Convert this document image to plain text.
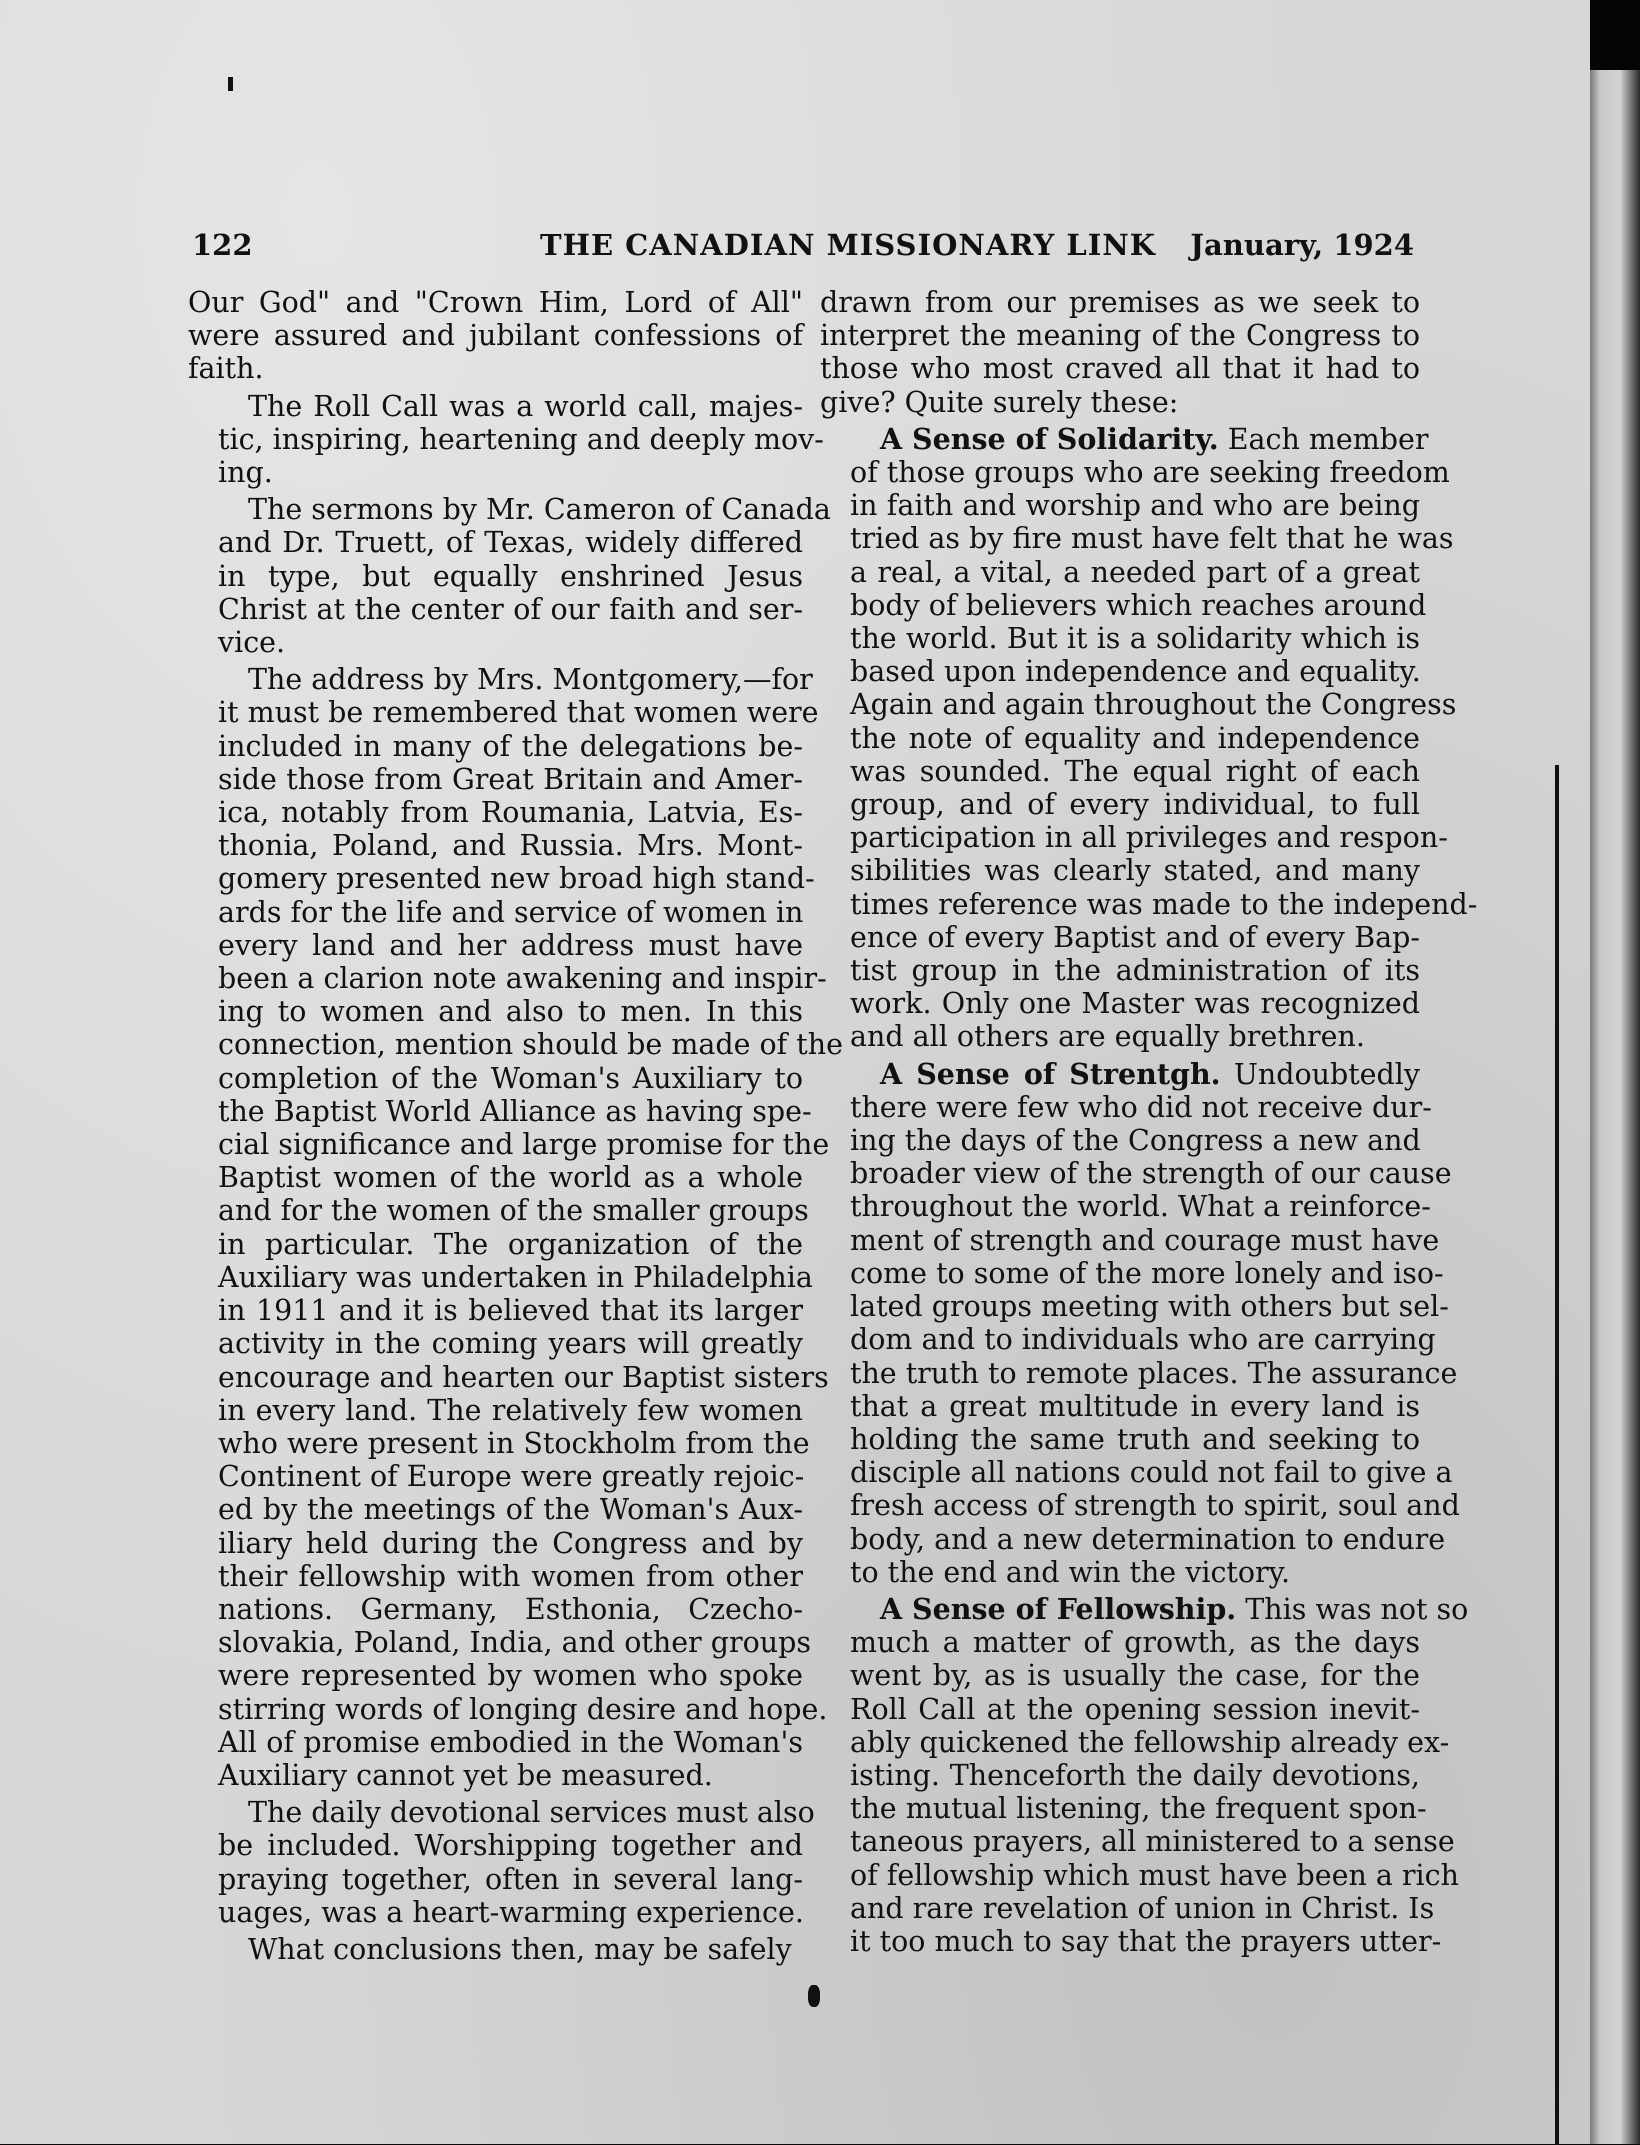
122	THE CANADIAN MISSIONARY LINK January, 1924

Our God" and "Crown Him, Lord of All"
were assured and jubilant confessions of
faith.

The Roll Call was a world call, majes-
tic, inspiring, heartening and deeply mov-
ing.

The sermons by Mr. Cameron of Canada
and Dr. Truett, of Texas, widely differed
in type, but equally enshrined Jesus
Christ at the center of our faith and ser-
vice.

The address by Mrs. Montgomery,—for
it must be remembered that women were
included in many of the delegations be-
side those from Great Britain and Amer-
ica, notably from Roumania, Latvia, Es-
thonia, Poland, and Russia. Mrs. Mont-
gomery presented new broad high stand-
ards for the life and service of women in
every land and her address must have
been a clarion note awakening and inspir-
ing to women and also to men. In this
connection, mention should be made of the
completion of the Woman's Auxiliary to
the Baptist World Alliance as having spe-
cial significance and large promise for the
Baptist women of the world as a whole
and for the women of the smaller groups
in particular. The organization of the
Auxiliary was undertaken in Philadelphia
in 1911 and it is believed that its larger
activity in the coming years will greatly
encourage and hearten our Baptist sisters
in every land. The relatively few women
who were present in Stockholm from the
Continent of Europe were greatly rejoic-
ed by the meetings of the Woman's Aux-
iliary held during the Congress and by
their fellowship with women from other
nations. Germany, Esthonia, Czecho-
slovakia, Poland, India, and other groups
were represented by women who spoke
stirring words of longing desire and hope.
All of promise embodied in the Woman's
Auxiliary cannot yet be measured.

The daily devotional services must also
be included. Worshipping together and
praying together, often in several lang-
uages, was a heart-warming experience.

What conclusions then, may be safely

drawn from our premises as we seek to
interpret the meaning of the Congress to
those who most craved all that it had to
give? Quite surely these:

A Sense of Solidarity. Each member
of those groups who are seeking freedom
in faith and worship and who are being
tried as by fire must have felt that he was
a real, a vital, a needed part of a great
body of believers which reaches around
the world. But it is a solidarity which is
based upon independence and equality.
Again and again throughout the Congress
the note of equality and independence
was sounded. The equal right of each
group, and of every individual, to full
participation in all privileges and respon-
sibilities was clearly stated, and many
times reference was made to the independ-
ence of every Baptist and of every Bap-
tist group in the administration of its
work. Only one Master was recognized
and all others are equally brethren.

A Sense of Strentgh. Undoubtedly
there were few who did not receive dur-
ing the days of the Congress a new and
broader view of the strength of our cause
throughout the world. What a reinforce-
ment of strength and courage must have
come to some of the more lonely and iso-
lated groups meeting with others but sel-
dom and to individuals who are carrying
the truth to remote places. The assurance
that a great multitude in every land is
holding the same truth and seeking to
disciple all nations could not fail to give a
fresh access of strength to spirit, soul and
body, and a new determination to endure
to the end and win the victory.

A Sense of Fellowship. This was not so
much a matter of growth, as the days
went by, as is usually the case, for the
Roll Call at the opening session inevit-
ably quickened the fellowship already ex-
isting. Thenceforth the daily devotions,
the mutual listening, the frequent spon-
taneous prayers, all ministered to a sense
of fellowship which must have been a rich
and rare revelation of union in Christ. Is
it too much to say that the prayers utter-
